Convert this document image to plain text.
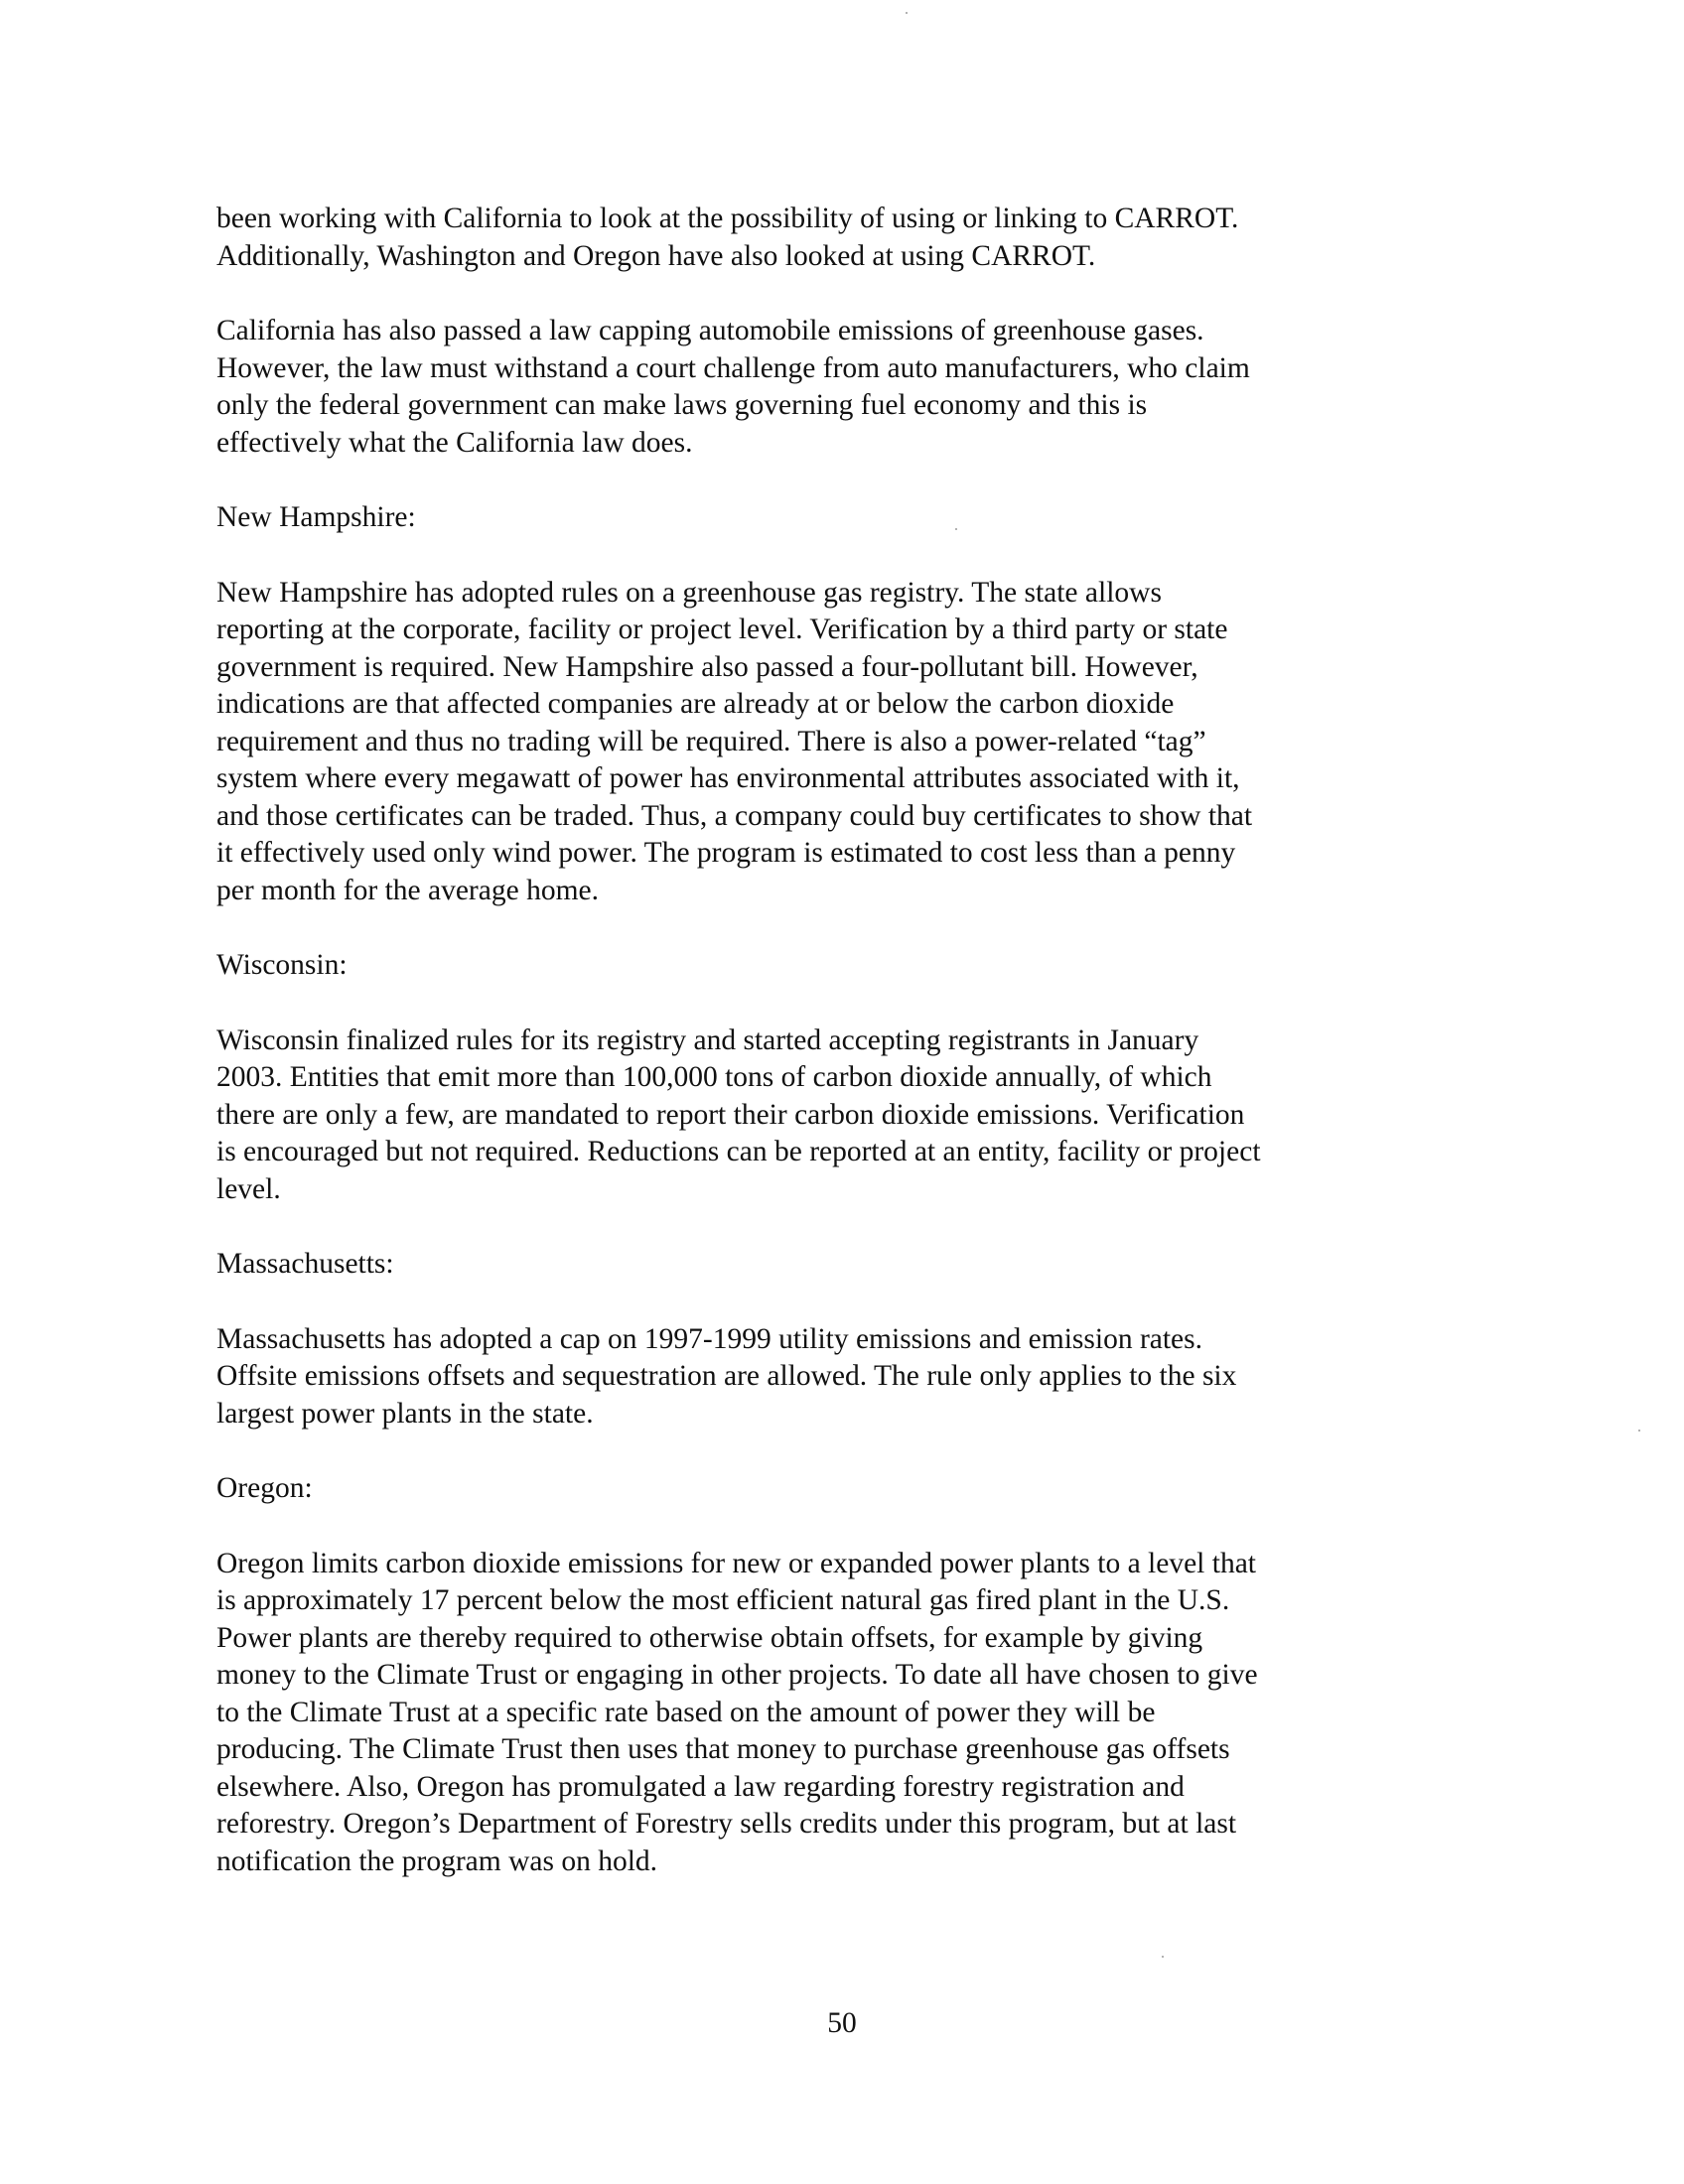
been working with California to look at the possibility of using or linking to CARROT.
Additionally, Washington and Oregon have also looked at using CARROT.

California has also passed a law capping automobile emissions of greenhouse gases.
However, the law must withstand a court challenge from auto manufacturers, who claim
only the federal government can make laws governing fuel economy and this is
effectively what the California law does.

New Hampshire:

New Hampshire has adopted rules on a greenhouse gas registry. The state allows
reporting at the corporate, facility or project level. Verification by a third party or state
government is required. New Hampshire also passed a four-pollutant bill. However,
indications are that affected companies are already at or below the carbon dioxide
requirement and thus no trading will be required. There is also a power-related “tag”
system where every megawatt of power has environmental attributes associated with it,
and those certificates can be traded. Thus, a company could buy certificates to show that
it effectively used only wind power. The program is estimated to cost less than a penny
per month for the average home.

Wisconsin:

Wisconsin finalized rules for its registry and started accepting registrants in January
2003. Entities that emit more than 100,000 tons of carbon dioxide annually, of which
there are only a few, are mandated to report their carbon dioxide emissions. Verification
is encouraged but not required. Reductions can be reported at an entity, facility or project
level.

Massachusetts:

Massachusetts has adopted a cap on 1997-1999 utility emissions and emission rates.
Offsite emissions offsets and sequestration are allowed. The rule only applies to the six
largest power plants in the state.

Oregon:

Oregon limits carbon dioxide emissions for new or expanded power plants to a level that
is approximately 17 percent below the most efficient natural gas fired plant in the U.S.
Power plants are thereby required to otherwise obtain offsets, for example by giving
money to the Climate Trust or engaging in other projects. To date all have chosen to give
to the Climate Trust at a specific rate based on the amount of power they will be
producing. The Climate Trust then uses that money to purchase greenhouse gas offsets
elsewhere. Also, Oregon has promulgated a law regarding forestry registration and
reforestry. Oregon’s Department of Forestry sells credits under this program, but at last
notification the program was on hold.

50
